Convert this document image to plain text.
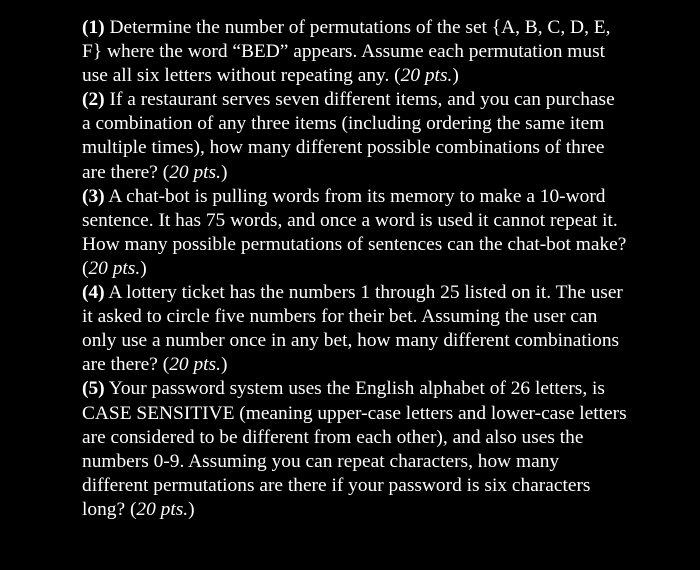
(1) Determine the number of permutations of the set {A, B, C, D, E, F} where the word “BED” appears. Assume each permutation must use all six letters without repeating any. (20 pts.)

(2) If a restaurant serves seven different items, and you can purchase a combination of any three items (including ordering the same item multiple times), how many different possible combinations of three are there? (20 pts.)

(3) A chat-bot is pulling words from its memory to make a 10-word sentence. It has 75 words, and once a word is used it cannot repeat it. How many possible permutations of sentences can the chat-bot make? (20 pts.)

(4) A lottery ticket has the numbers 1 through 25 listed on it. The user it asked to circle five numbers for their bet. Assuming the user can only use a number once in any bet, how many different combinations are there? (20 pts.)

(5) Your password system uses the English alphabet of 26 letters, is CASE SENSITIVE (meaning upper-case letters and lower-case letters are considered to be different from each other), and also uses the numbers 0-9. Assuming you can repeat characters, how many different permutations are there if your password is six characters long? (20 pts.)
